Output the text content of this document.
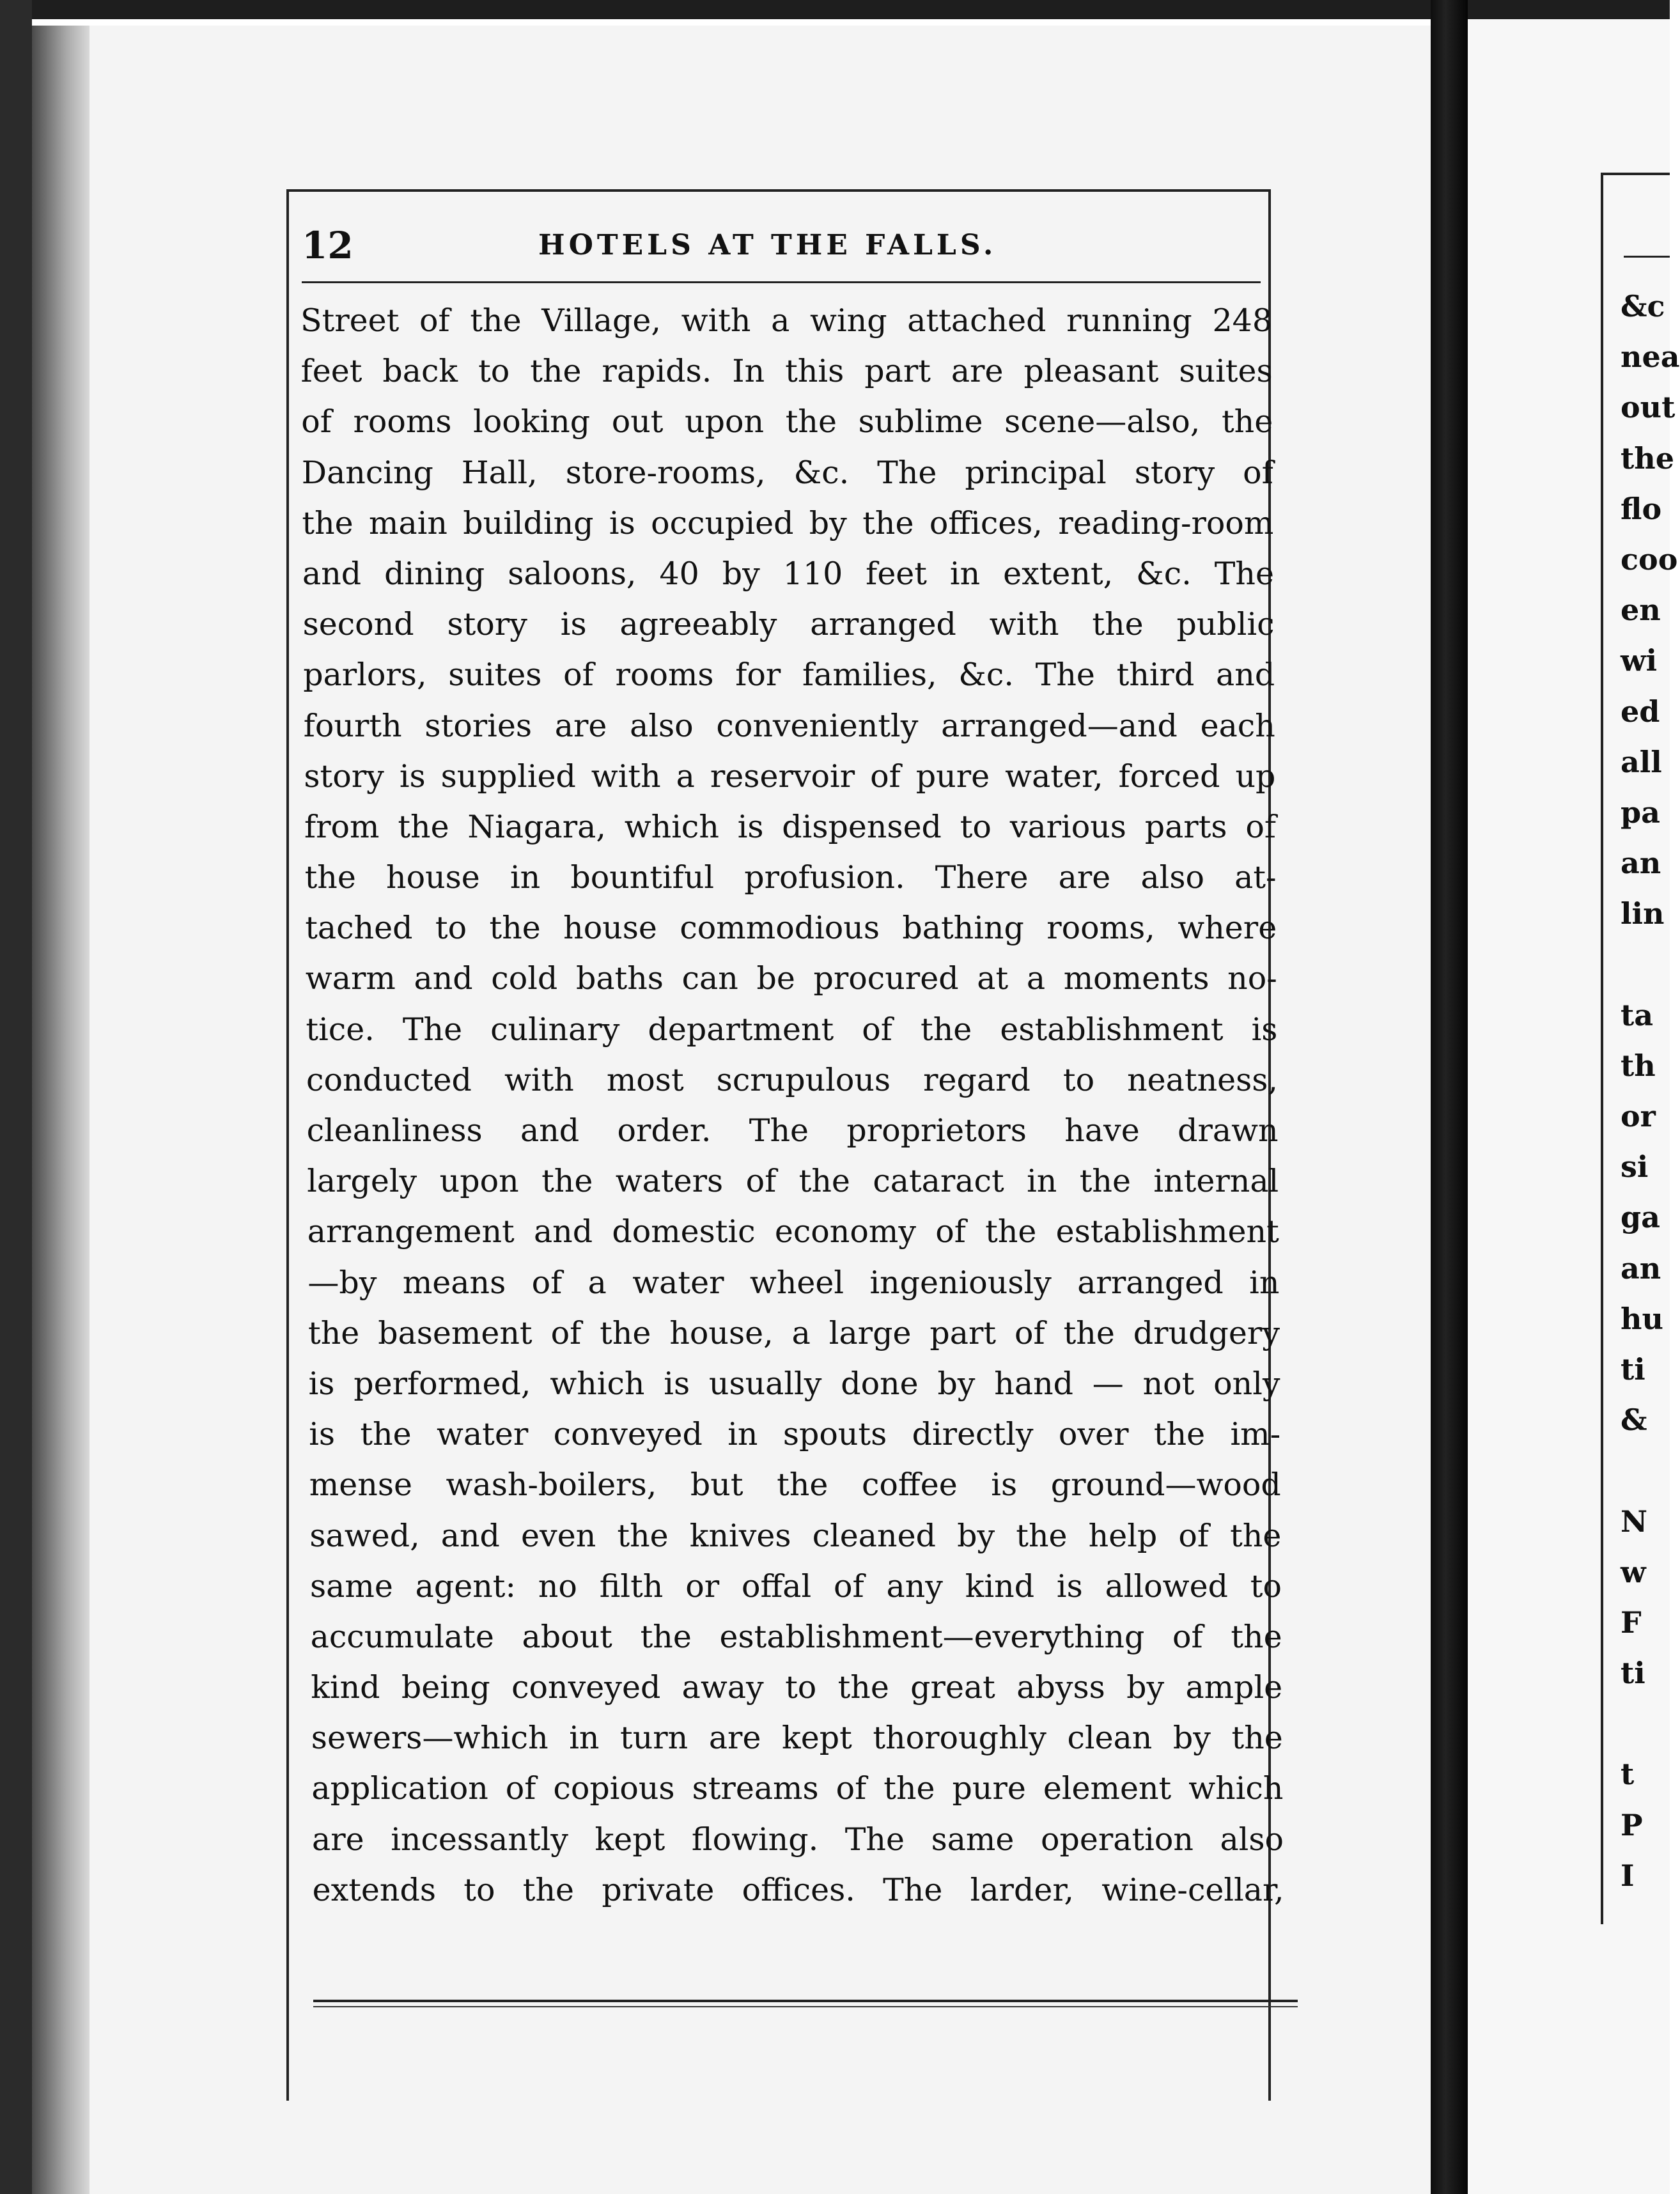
12	HOTELS AT THE FALLS.
Street of the Village, with a wing attached running 248
feet back to the rapids. In this part are pleasant suites
of rooms looking out upon the sublime scene—also, the
Dancing Hall, store-rooms, &c. The principal story of
the main building is occupied by the offices, reading-room
and dining saloons, 40 by 110 feet in extent, &c. The
second story is agreeably arranged with the public
parlors, suites of rooms for families, &c. The third and
fourth stories are also conveniently arranged—and each
story is supplied with a reservoir of pure water, forced up
from the Niagara, which is dispensed to various parts of
the house in bountiful profusion. There are also at-
tached to the house commodious bathing rooms, where
warm and cold baths can be procured at a moments no-
tice. The culinary department of the establishment is
conducted with most scrupulous regard to neatness,
cleanliness and order. The proprietors have drawn
largely upon the waters of the cataract in the internal
arrangement and domestic economy of the establishment
—by means of a water wheel ingeniously arranged in
the basement of the house, a large part of the drudgery
is performed, which is usually done by hand — not only
is the water conveyed in spouts directly over the im-
mense wash-boilers, but the coffee is ground—wood
sawed, and even the knives cleaned by the help of the
same agent: no filth or offal of any kind is allowed to
accumulate about the establishment—everything of the
kind being conveyed away to the great abyss by ample
sewers—which in turn are kept thoroughly clean by the
application of copious streams of the pure element which
are incessantly kept flowing. The same operation also
extends to the private offices. The larder, wine-cellar,
&c
nea
out
the
flo
coo
en
wi
ed
all
pa
an
lin
ta
th
or
si
ga
an
hu
ti
&
N
w
F
ti
t
P
I
